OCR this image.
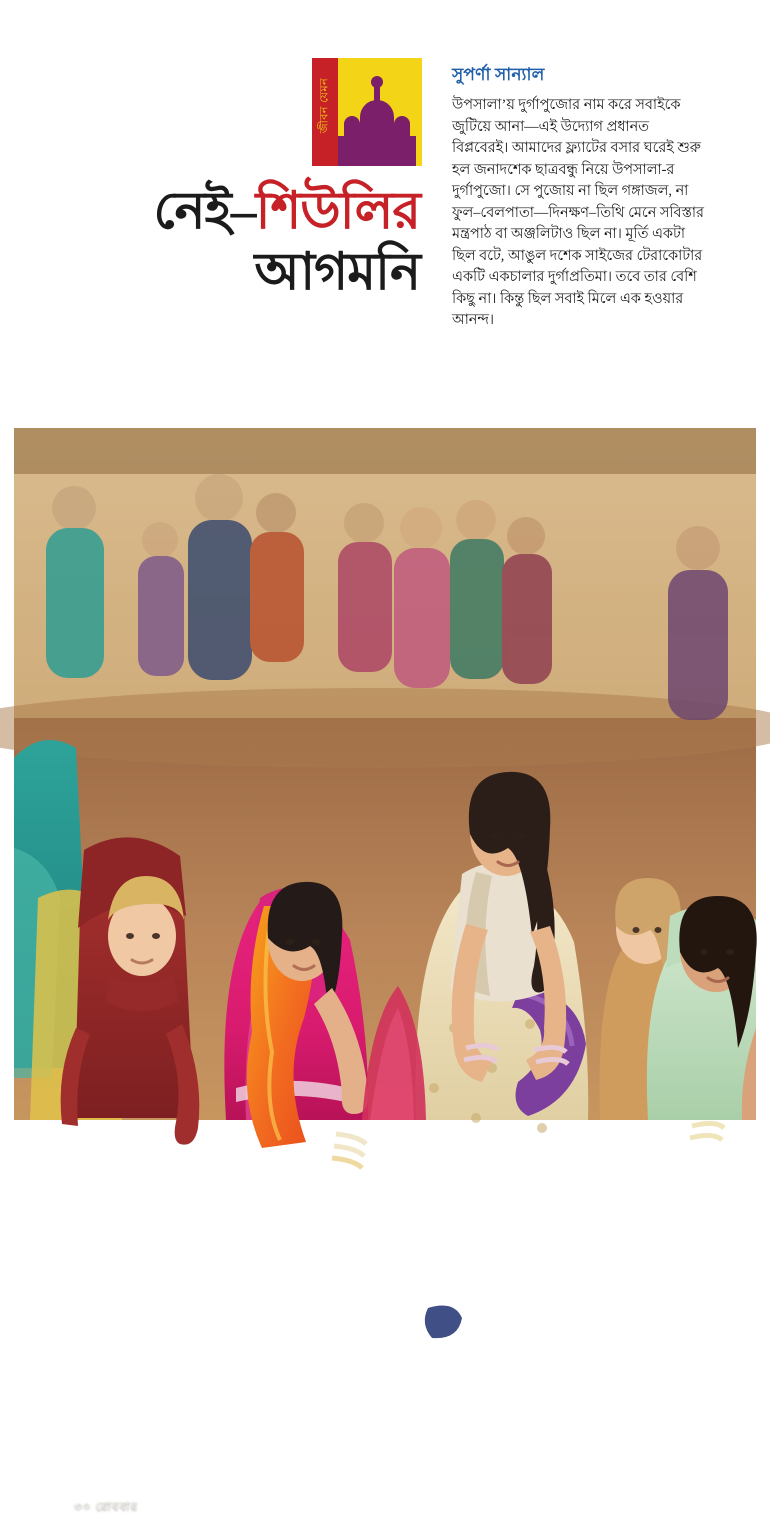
জীবন যেমন
নেই–শিউলির
আগমন
সুপর্ণা সান্যাল

উপসালা’য় দুর্গাপুজোর নাম করে সবাইকে জুটিয়ে আনা—এই উদ্যোগ প্রধানত বিপ্লবেরই। আমাদের ফ্ল্যাটের বসার ঘরেই শুরু হল জনাদশেক ছাত্রবন্ধু নিয়ে উপসালা-র দুর্গাপুজো। সে পুজোয় না ছিল গঙ্গাজল, না ফুল–বেলপাতা—দিনক্ষণ–তিথি মেনে সবিস্তার মন্ত্রপাঠ বা অঞ্জলিটাও ছিল না। মূর্তি একটা ছিল বটে, আঙুল দশেক সাইজের টেরাকোটার একটি একচালার দুর্গাপ্রতিমা। তবে তার বেশি কিছু না। কিন্তু ছিল সবাই মিলে এক হওয়ার আনন্দ।

৩০ রোববার
